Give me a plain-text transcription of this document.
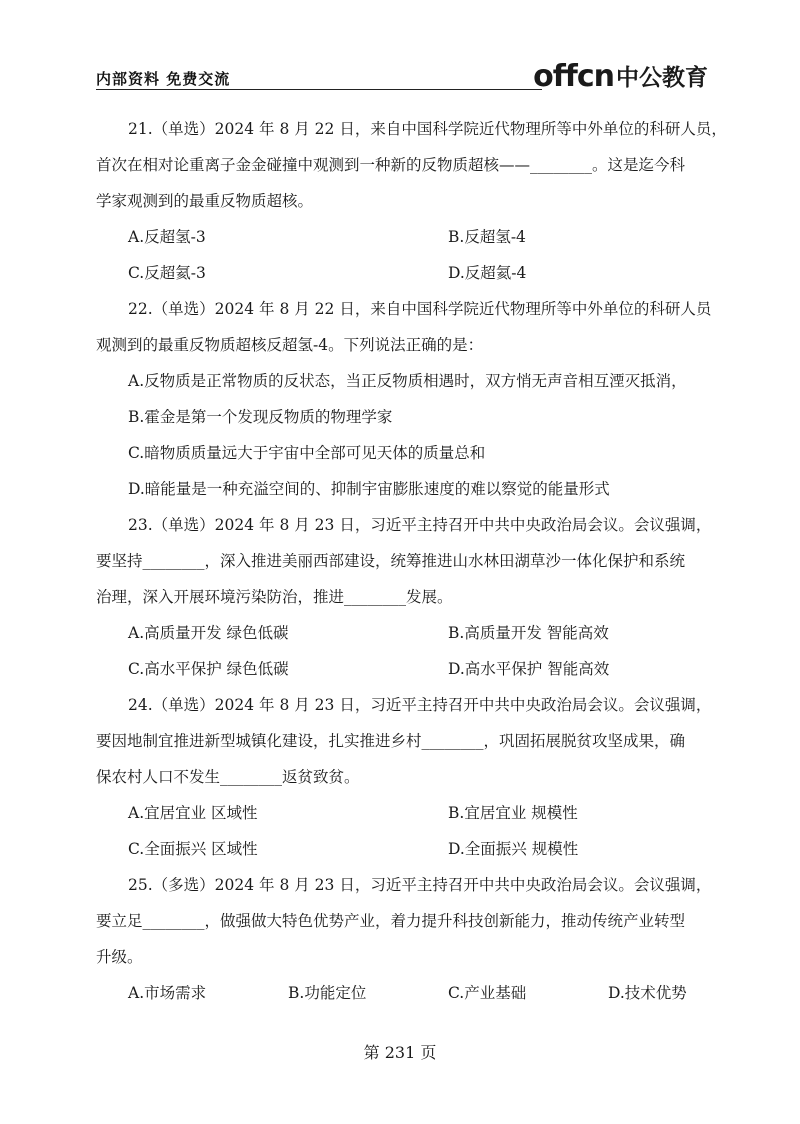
内部资料 免费交流	offcn 中公教育
21.（单选）2024 年 8 月 22 日，来自中国科学院近代物理所等中外单位的科研人员，
首次在相对论重离子金金碰撞中观测到一种新的反物质超核——________。这是迄今科
学家观测到的最重反物质超核。
A.反超氢-3	B.反超氢-4
C.反超氦-3	D.反超氦-4
22.（单选）2024 年 8 月 22 日，来自中国科学院近代物理所等中外单位的科研人员
观测到的最重反物质超核反超氢-4。下列说法正确的是：
A.反物质是正常物质的反状态，当正反物质相遇时，双方悄无声音相互湮灭抵消，
B.霍金是第一个发现反物质的物理学家
C.暗物质质量远大于宇宙中全部可见天体的质量总和
D.暗能量是一种充溢空间的、抑制宇宙膨胀速度的难以察觉的能量形式
23.（单选）2024 年 8 月 23 日，习近平主持召开中共中央政治局会议。会议强调，
要坚持________，深入推进美丽西部建设，统筹推进山水林田湖草沙一体化保护和系统
治理，深入开展环境污染防治，推进________发展。
A.高质量开发 绿色低碳	B.高质量开发 智能高效
C.高水平保护 绿色低碳	D.高水平保护 智能高效
24.（单选）2024 年 8 月 23 日，习近平主持召开中共中央政治局会议。会议强调，
要因地制宜推进新型城镇化建设，扎实推进乡村________，巩固拓展脱贫攻坚成果，确
保农村人口不发生________返贫致贫。
A.宜居宜业 区域性	B.宜居宜业 规模性
C.全面振兴 区域性	D.全面振兴 规模性
25.（多选）2024 年 8 月 23 日，习近平主持召开中共中央政治局会议。会议强调，
要立足________，做强做大特色优势产业，着力提升科技创新能力，推动传统产业转型
升级。
A.市场需求	B.功能定位	C.产业基础	D.技术优势
第 231 页
